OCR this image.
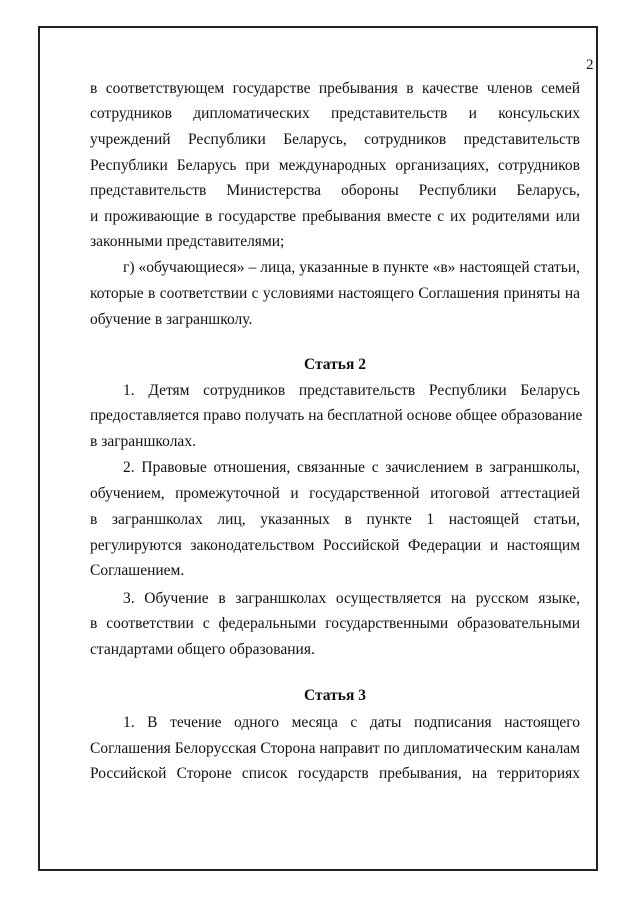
2
в соответствующем государстве пребывания в качестве членов семей
сотрудников дипломатических представительств и консульских
учреждений Республики Беларусь, сотрудников представительств
Республики Беларусь при международных организациях, сотрудников
представительств Министерства обороны Республики Беларусь,
и проживающие в государстве пребывания вместе с их родителями или
законными представителями;
г) «обучающиеся» – лица, указанные в пункте «в» настоящей статьи,
которые в соответствии с условиями настоящего Соглашения приняты на
обучение в заграншколу.
Статья 2
1. Детям сотрудников представительств Республики Беларусь
предоставляется право получать на бесплатной основе общее образование
в заграншколах.
2. Правовые отношения, связанные с зачислением в заграншколы,
обучением, промежуточной и государственной итоговой аттестацией
в заграншколах лиц, указанных в пункте 1 настоящей статьи,
регулируются законодательством Российской Федерации и настоящим
Соглашением.
3. Обучение в заграншколах осуществляется на русском языке,
в соответствии с федеральными государственными образовательными
стандартами общего образования.
Статья 3
1. В течение одного месяца с даты подписания настоящего
Соглашения Белорусская Сторона направит по дипломатическим каналам
Российской Стороне список государств пребывания, на территориях
